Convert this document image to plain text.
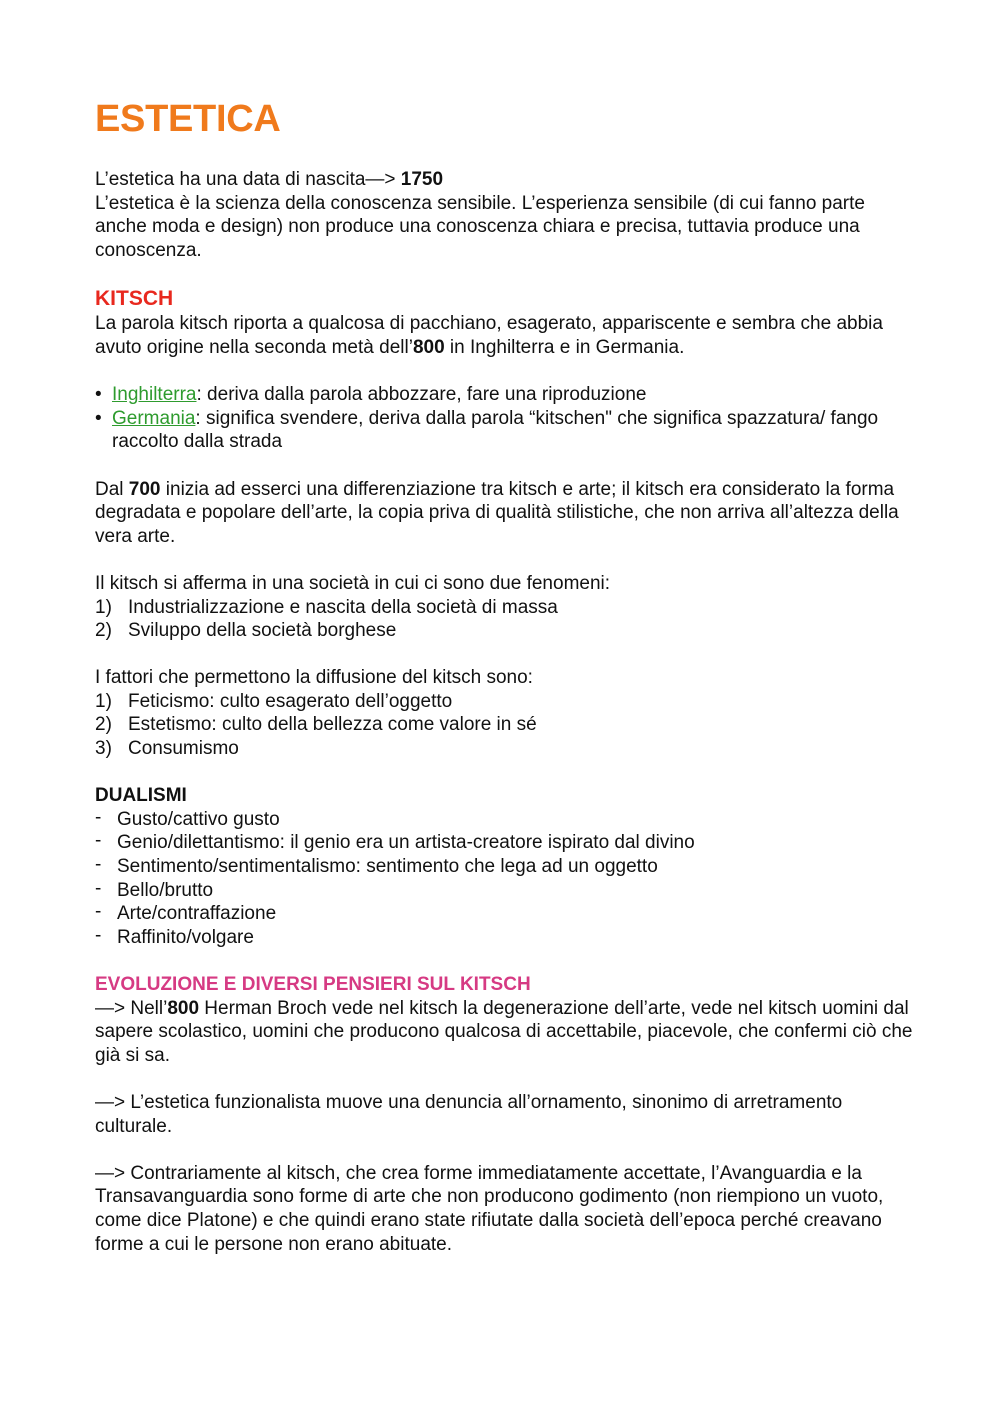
ESTETICA

L’estetica ha una data di nascita—> 1750

L’estetica è la scienza della conoscenza sensibile. L’esperienza sensibile (di cui fanno parte anche moda e design) non produce una conoscenza chiara e precisa, tuttavia produce una conoscenza.

KITSCH

La parola kitsch riporta a qualcosa di pacchiano, esagerato, appariscente e sembra che abbia avuto origine nella seconda metà dell’800 in Inghilterra e in Germania.

• Inghilterra: deriva dalla parola abbozzare, fare una riproduzione
• Germania: significa svendere, deriva dalla parola “kitschen" che significa spazzatura/ fango raccolto dalla strada

Dal 700 inizia ad esserci una differenziazione tra kitsch e arte; il kitsch era considerato la forma degradata e popolare dell’arte, la copia priva di qualità stilistiche, che non arriva all’altezza della vera arte.

Il kitsch si afferma in una società in cui ci sono due fenomeni:

1) Industrializzazione e nascita della società di massa
2) Sviluppo della società borghese

I fattori che permettono la diffusione del kitsch sono:

1) Feticismo: culto esagerato dell’oggetto
2) Estetismo: culto della bellezza come valore in sé
3) Consumismo
DUALISMI
- Gusto/cattivo gusto
- Genio/dilettantismo: il genio era un artista-creatore ispirato dal divino
- Sentimento/sentimentalismo: sentimento che lega ad un oggetto
- Bello/brutto
- Arte/contraffazione
- Raffinito/volgare
EVOLUZIONE E DIVERSI PENSIERI SUL KITSCH

—> Nell’800 Herman Broch vede nel kitsch la degenerazione dell’arte, vede nel kitsch uomini dal sapere scolastico, uomini che producono qualcosa di accettabile, piacevole, che confermi ciò che già si sa.

—> L’estetica funzionalista muove una denuncia all’ornamento, sinonimo di arretramento culturale.

—> Contrariamente al kitsch, che crea forme immediatamente accettate, l’Avanguardia e la Transavanguardia sono forme di arte che non producono godimento (non riempiono un vuoto, come dice Platone) e che quindi erano state rifiutate dalla società dell’epoca perché creavano forme a cui le persone non erano abituate.
